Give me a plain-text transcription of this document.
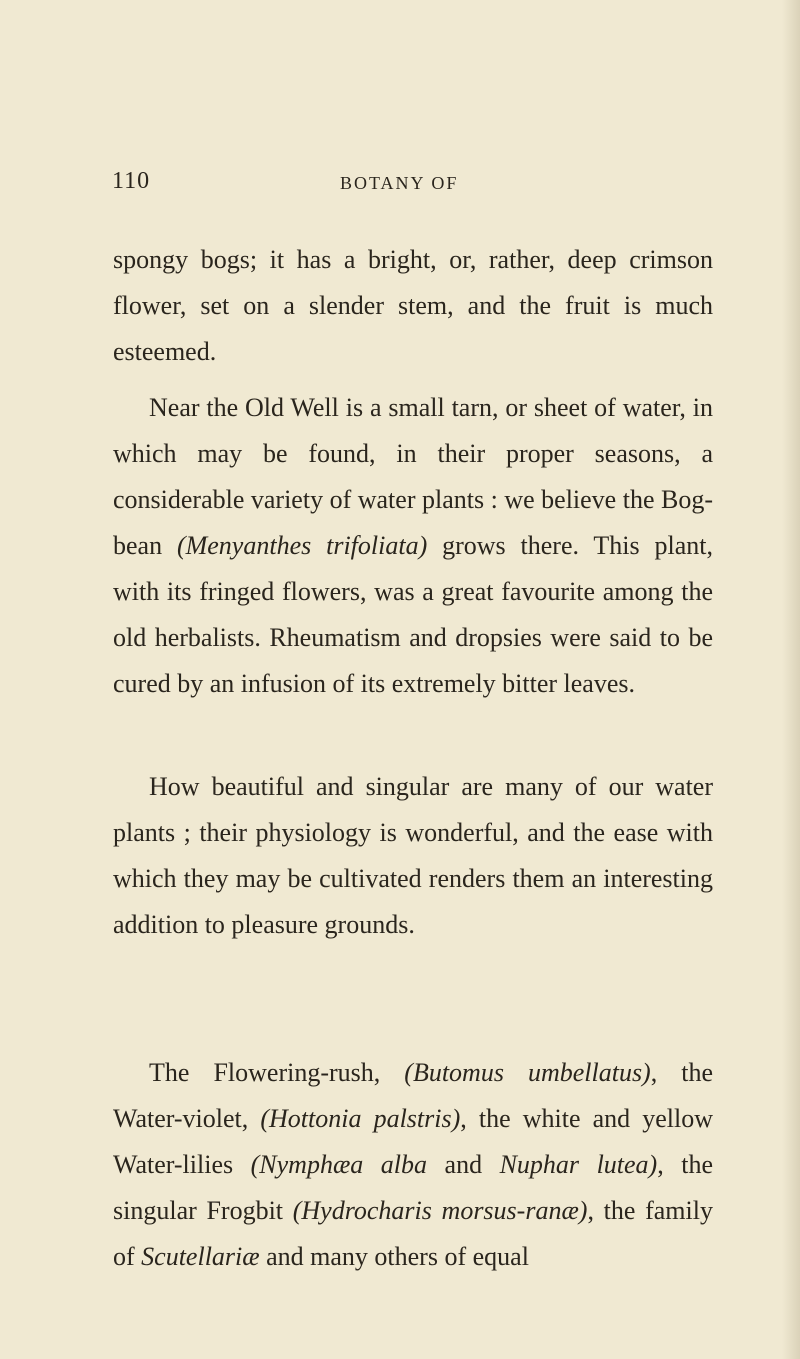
110	BOTANY OF

spongy bogs; it has a bright, or, rather, deep crimson flower, set on a slender stem, and the fruit is much esteemed.

Near the Old Well is a small tarn, or sheet of water, in which may be found, in their proper seasons, a considerable variety of water plants : we believe the Bog-bean (Menyanthes trifoliata) grows there. This plant, with its fringed flowers, was a great favourite among the old herbalists. Rheumatism and dropsies were said to be cured by an infusion of its extremely bitter leaves.

How beautiful and singular are many of our water plants ; their physiology is wonderful, and the ease with which they may be cultivated renders them an interesting addition to pleasure grounds.

The Flowering-rush, (Butomus umbellatus), the Water-violet, (Hottonia palstris), the white and yellow Water-lilies (Nymphæa alba and Nuphar lutea), the singular Frogbit (Hydrocharis morsus-ranæ), the family of Scutellariæ and many others of equal
